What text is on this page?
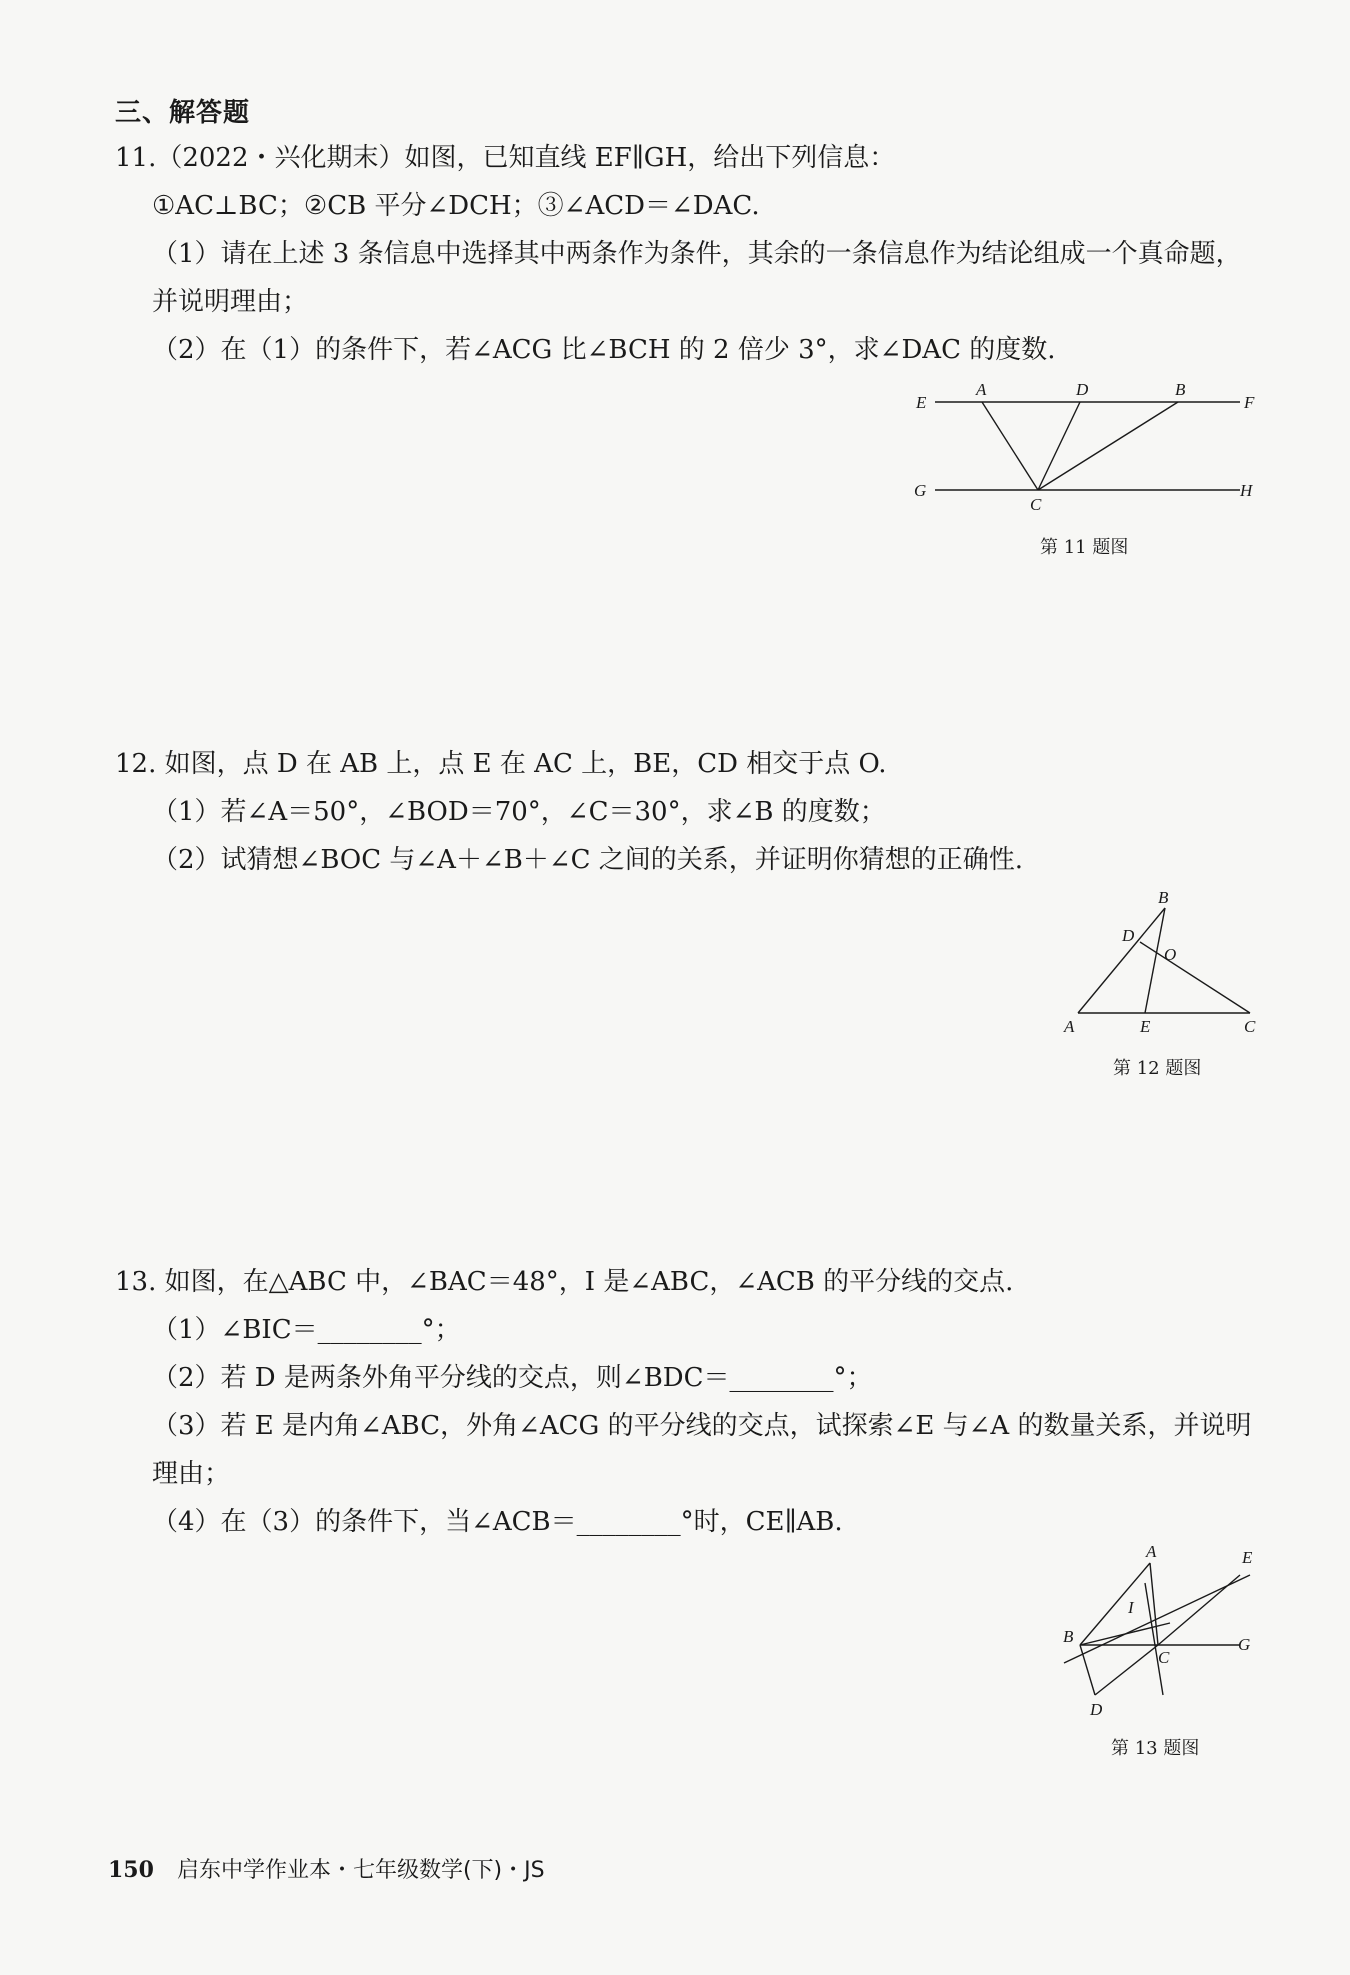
三、解答题
11.（2022・兴化期末）如图，已知直线 EF∥GH，给出下列信息：
①AC⊥BC；②CB 平分∠DCH；③∠ACD＝∠DAC.
（1）请在上述 3 条信息中选择其中两条作为条件，其余的一条信息作为结论组成一个真命题，
并说明理由；
（2）在（1）的条件下，若∠ACG 比∠BCH 的 2 倍少 3°，求∠DAC 的度数.
E
A	D	B
F
G
C
H
第 11 题图
12. 如图，点 D 在 AB 上，点 E 在 AC 上，BE，CD 相交于点 O.
（1）若∠A＝50°，∠BOD＝70°，∠C＝30°，求∠B 的度数；
（2）试猜想∠BOC 与∠A＋∠B＋∠C 之间的关系，并证明你猜想的正确性.
B
D
O
A	E	C
第 12 题图
13. 如图，在△ABC 中，∠BAC＝48°，I 是∠ABC，∠ACB 的平分线的交点.
（1）∠BIC＝________°；
（2）若 D 是两条外角平分线的交点，则∠BDC＝________°；
（3）若 E 是内角∠ABC，外角∠ACG 的平分线的交点，试探索∠E 与∠A 的数量关系，并说明
理由；
（4）在（3）的条件下，当∠ACB＝________°时，CE∥AB.
A	E
I
B	G
C
D
第 13 题图
150 启东中学作业本・七年级数学(下)・JS
